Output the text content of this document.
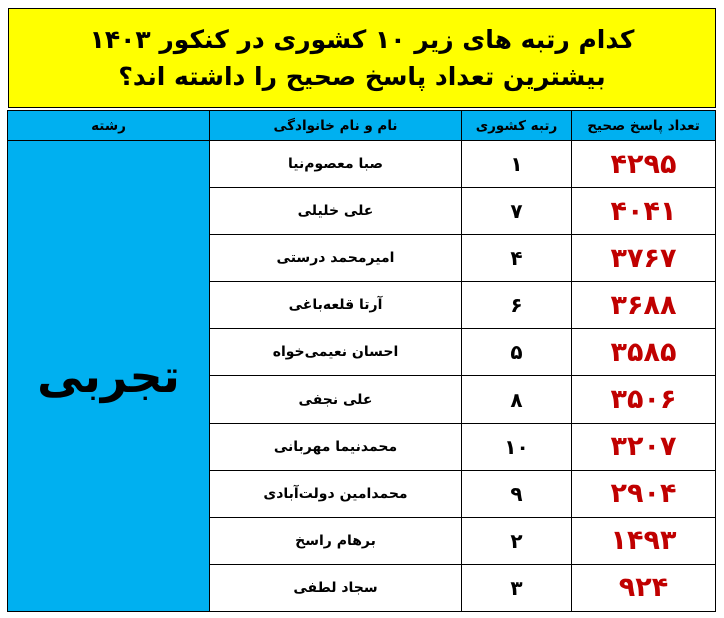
کدام رتبه های زیر ۱۰ کشوری در کنکور ۱۴۰۳
بیشترین تعداد پاسخ صحیح را داشته اند؟
تعداد پاسخ صحیح	رتبه کشوری	نام و نام خانوادگی	رشته
۴۲۹۵	۱	صبا معصوم‌نیا	تجربی
۴۰۴۱	۷	علی خلیلی	
۳۷۶۷	۴	امیرمحمد درستی	
۳۶۸۸	۶	آرتا قلعه‌باغی	
۳۵۸۵	۵	احسان نعیمی‌خواه	
۳۵۰۶	۸	علی نجفی	
۳۲۰۷	۱۰	محمدنیما مهربانی	
۲۹۰۴	۹	محمدامین دولت‌آبادی	
۱۴۹۳	۲	برهام راسخ	
۹۲۴	۳	سجاد لطفی	
